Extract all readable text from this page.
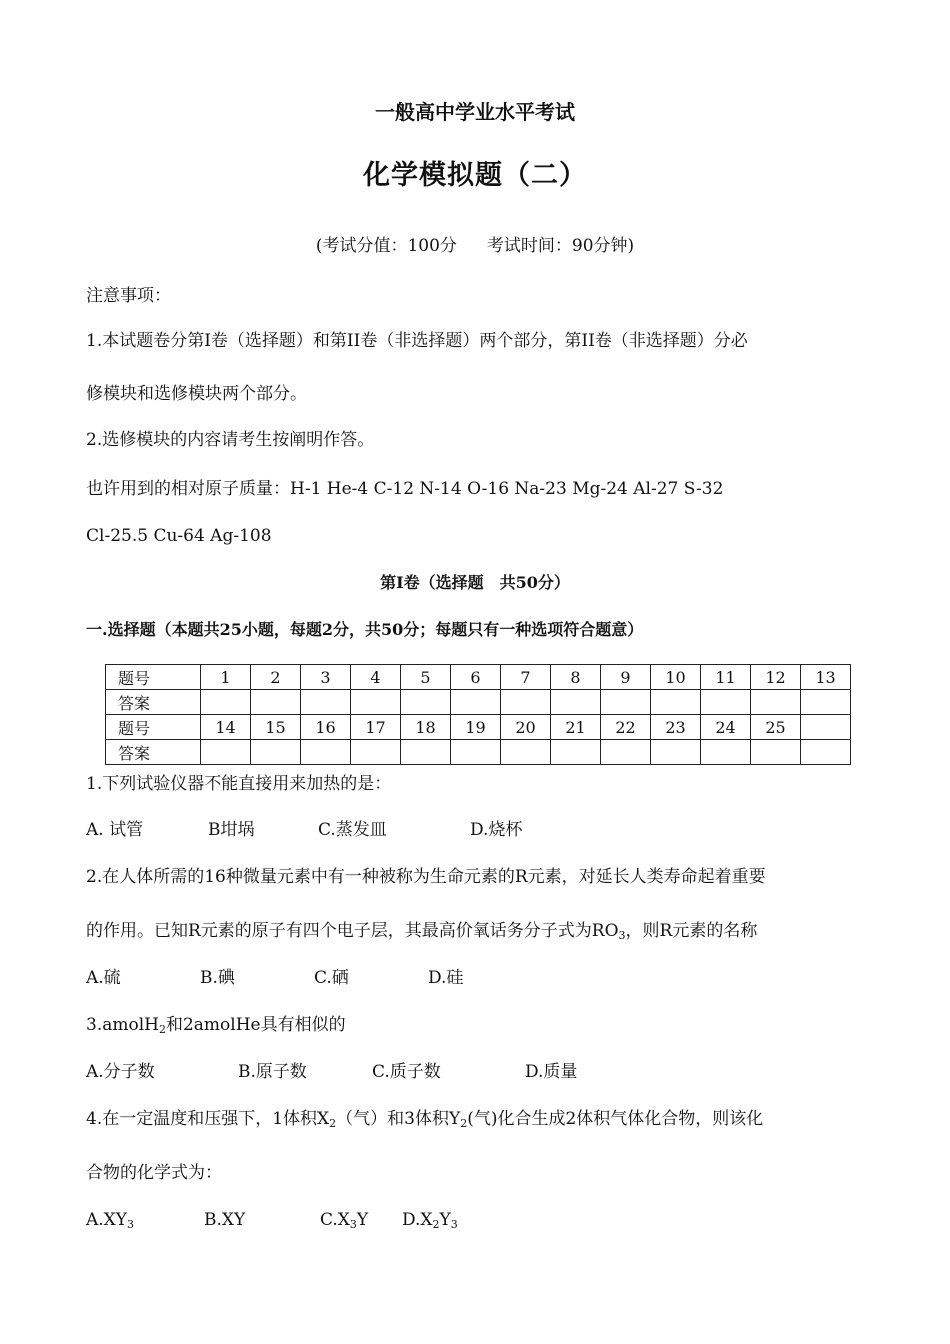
一般高中学业水平考试
化学模拟题（二）
(考试分值：100分 考试时间：90分钟)
注意事项：
1.本试题卷分第I卷（选择题）和第II卷（非选择题）两个部分，第II卷（非选择题）分必
修模块和选修模块两个部分。
2.选修模块的内容请考生按阐明作答。
也许用到的相对原子质量：H-1 He-4 C-12 N-14 O-16 Na-23 Mg-24 Al-27 S-32
Cl-25.5 Cu-64 Ag-108
第Ⅰ卷（选择题　共50分）
一.选择题（本题共25小题，每题2分，共50分；每题只有一种选项符合题意）
题号	1	2	3	4	5	6	7	8	9	10	11	12	13
答案													
题号	14	15	16	17	18	19	20	21	22	23	24	25	
答案													
1.下列试验仪器不能直接用来加热的是：
A. 试管	B坩埚	C.蒸发皿	D.烧杯
2.在人体所需的16种微量元素中有一种被称为生命元素的R元素，对延长人类寿命起着重要
的作用。已知R元素的原子有四个电子层，其最高价氧话务分子式为$RO_3$，则R元素的名称
A.硫	B.碘	C.硒	D.硅
3.amolH$_2$和2amolHe具有相似的
A.分子数	B.原子数	C.质子数	D.质量
4.在一定温度和压强下，1体积$X_2$（气）和3体积$Y_2$(气)化合生成2体积气体化合物，则该化
合物的化学式为：
$A.XY_3$	B.XY	$C.X_3Y$ $D.X_2Y_3$
